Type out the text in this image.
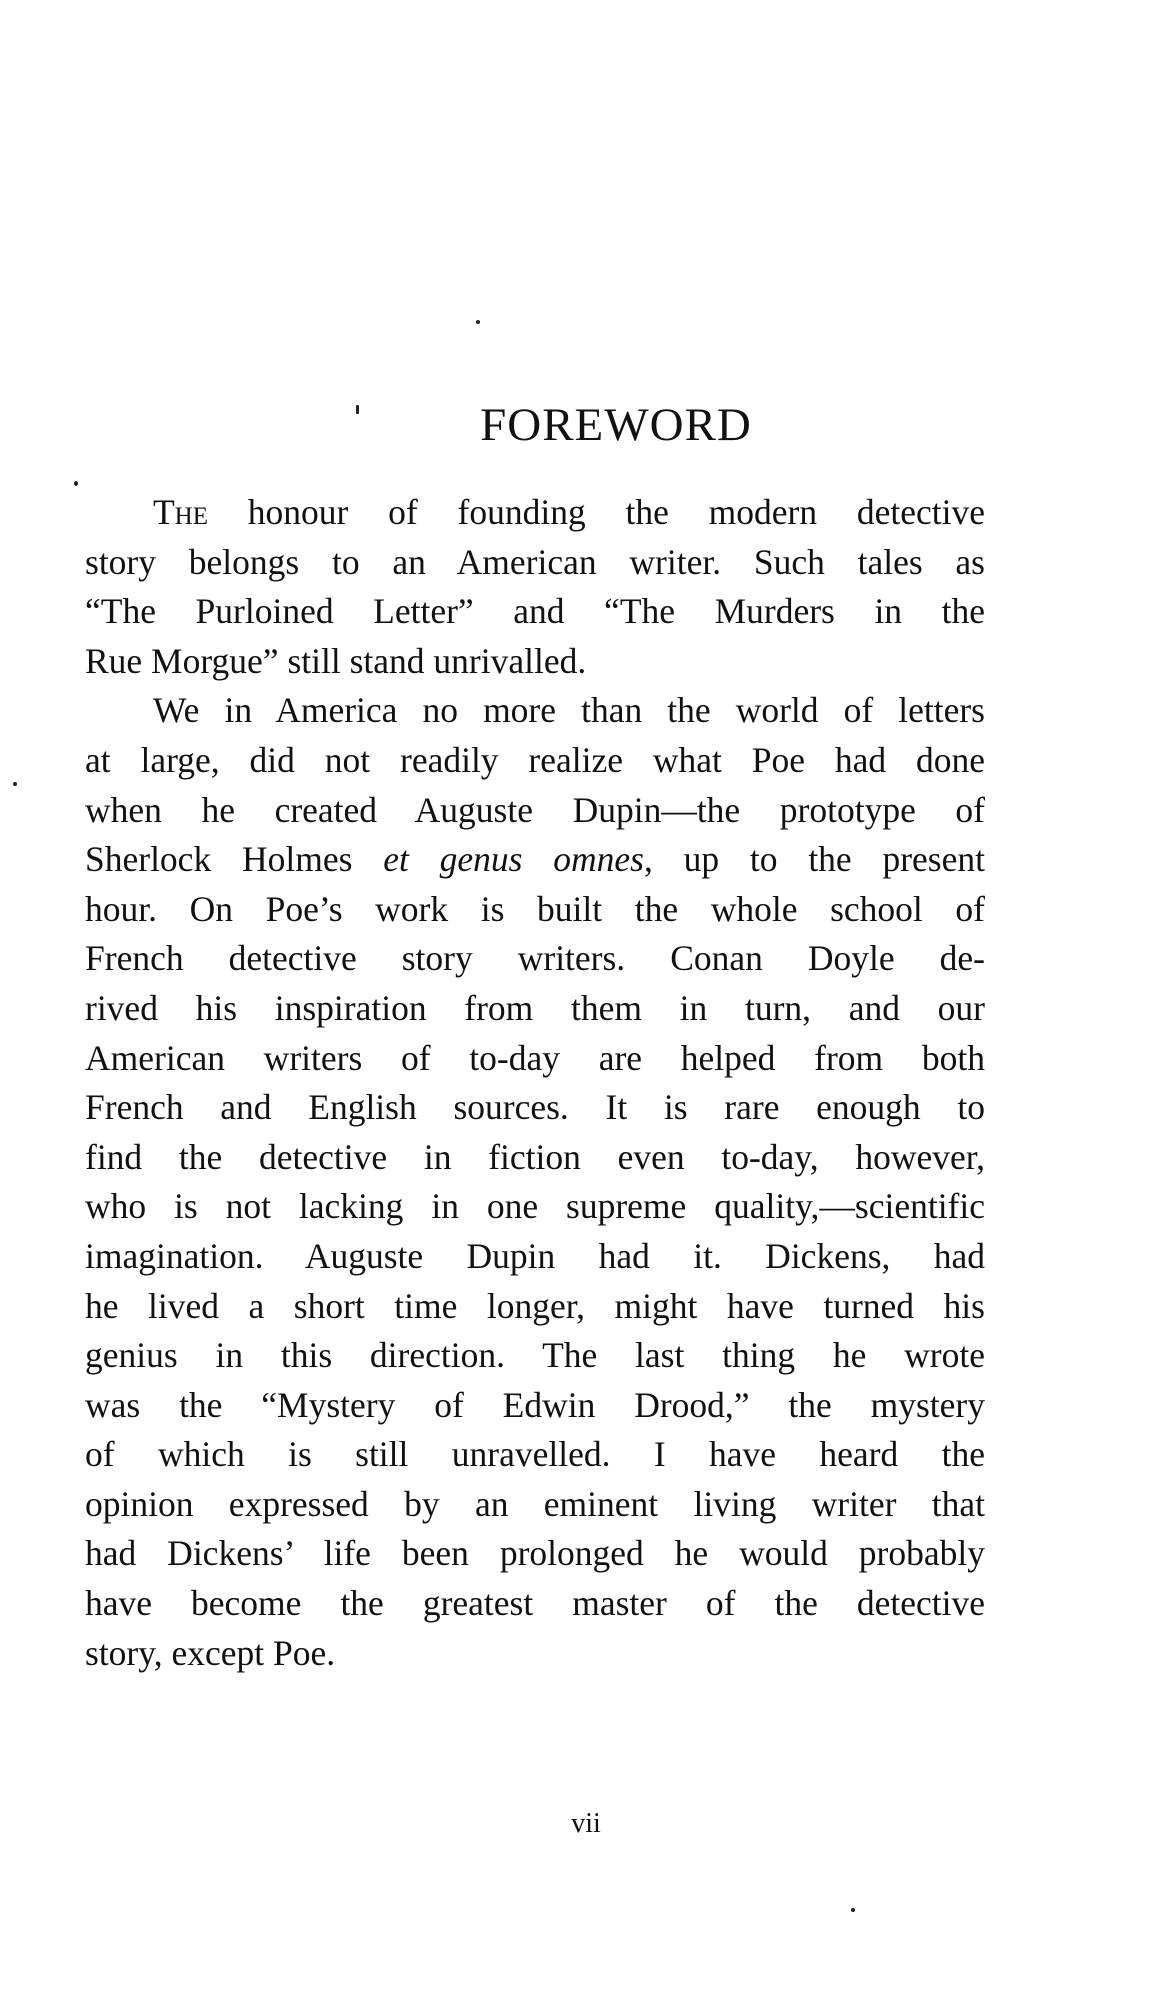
FOREWORD

The honour of founding the modern detective
story belongs to an American writer. Such tales as
“The Purloined Letter” and “The Murders in the
Rue Morgue” still stand unrivalled.

We in America no more than the world of letters
at large, did not readily realize what Poe had done
when he created Auguste Dupin—the prototype of
Sherlock Holmes et genus omnes, up to the present
hour. On Poe’s work is built the whole school of
French detective story writers. Conan Doyle de-
rived his inspiration from them in turn, and our
American writers of to-day are helped from both
French and English sources. It is rare enough to
find the detective in fiction even to-day, however,
who is not lacking in one supreme quality,—scientific
imagination. Auguste Dupin had it. Dickens, had
he lived a short time longer, might have turned his
genius in this direction. The last thing he wrote
was the “Mystery of Edwin Drood,” the mystery
of which is still unravelled. I have heard the
opinion expressed by an eminent living writer that
had Dickens’ life been prolonged he would probably
have become the greatest master of the detective
story, except Poe.

vii
